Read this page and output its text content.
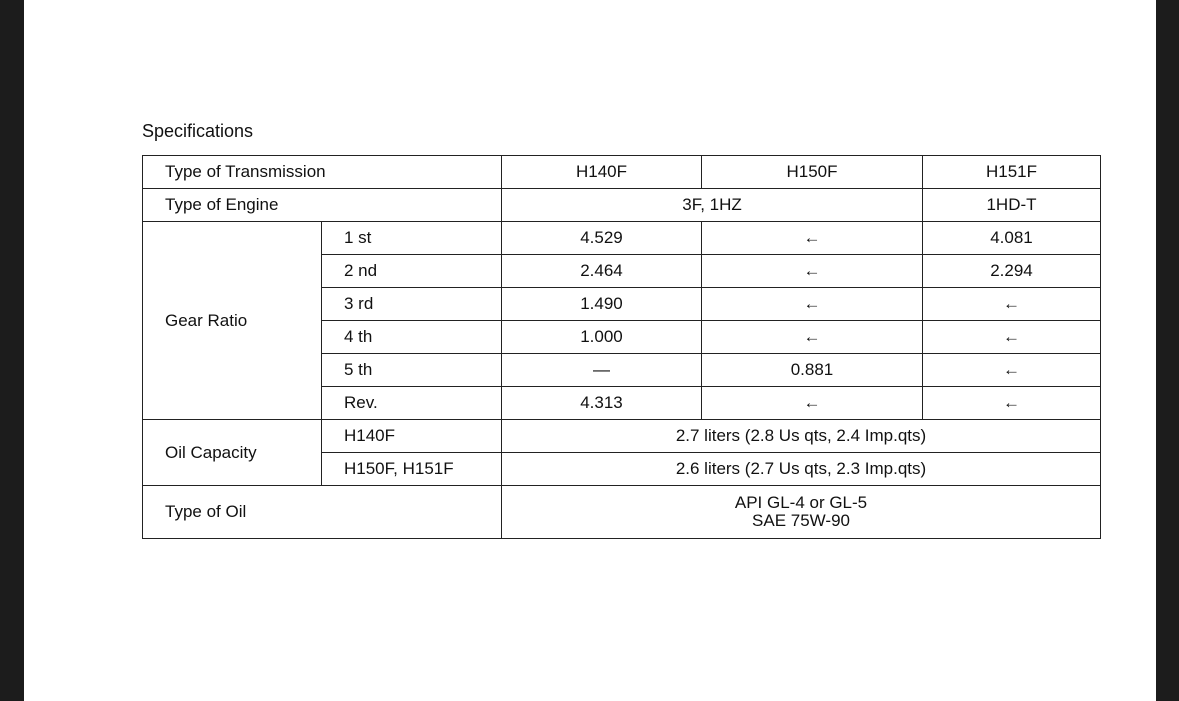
Specifications
Type of Transmission		H140F	H150F	H151F
Type of Engine		3F, 1HZ		1HD-T
Gear Ratio	1 st	4.529	←	4.081
	2 nd	2.464	←	2.294
	3 rd	1.490	←	←
	4 th	1.000	←	←
	5 th	—	0.881	←
	Rev.	4.313	←	←
Oil Capacity	H140F	2.7 liters (2.8 Us qts, 2.4 Imp.qts)		
	H150F, H151F	2.6 liters (2.7 Us qts, 2.3 Imp.qts)		
Type of Oil		API GL-4 or GL-5
SAE 75W-90		
